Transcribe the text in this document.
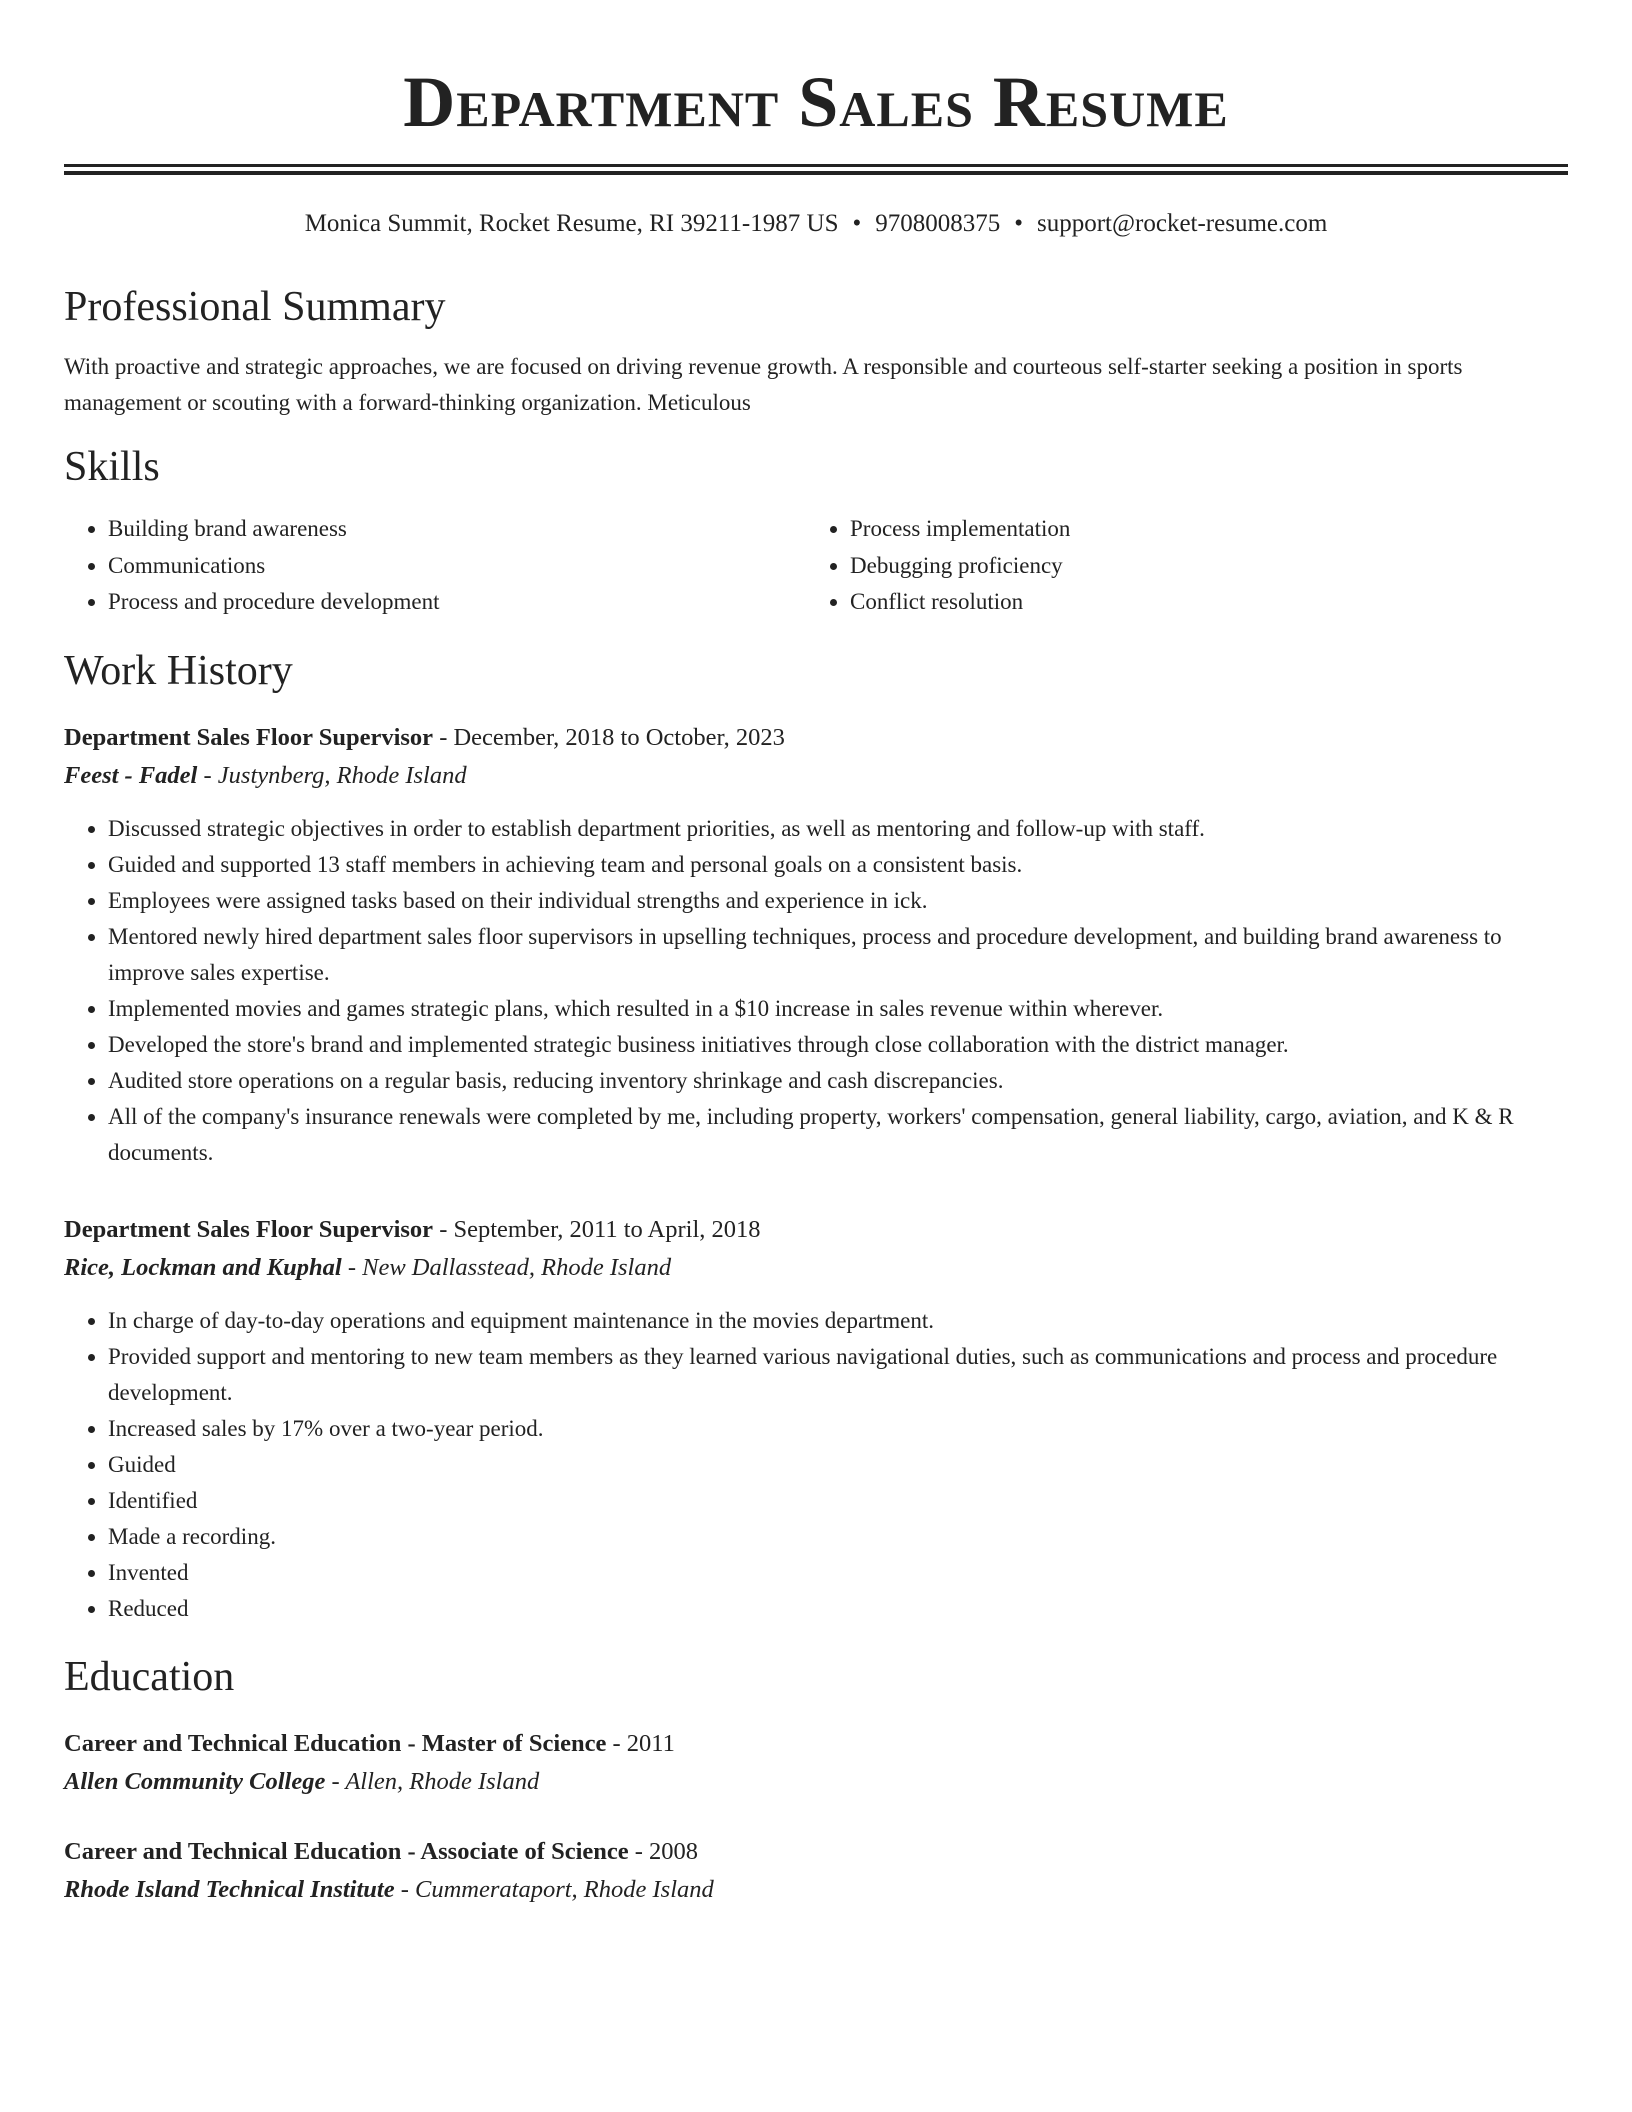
Department Sales Resume
Monica Summit, Rocket Resume, RI 39211-1987 US • 9708008375 • support@rocket-resume.com
Professional Summary
With proactive and strategic approaches, we are focused on driving revenue growth. A responsible and courteous self-starter seeking a position in sports management or scouting with a forward-thinking organization. Meticulous
Skills
• Building brand awareness
• Communications
• Process and procedure development
• Process implementation
• Debugging proficiency
• Conflict resolution
Work History
Department Sales Floor Supervisor - December, 2018 to October, 2023
Feest - Fadel - Justynberg, Rhode Island
• Discussed strategic objectives in order to establish department priorities, as well as mentoring and follow-up with staff.
• Guided and supported 13 staff members in achieving team and personal goals on a consistent basis.
• Employees were assigned tasks based on their individual strengths and experience in ick.
• Mentored newly hired department sales floor supervisors in upselling techniques, process and procedure development, and building brand awareness to improve sales expertise.
• Implemented movies and games strategic plans, which resulted in a $10 increase in sales revenue within wherever.
• Developed the store's brand and implemented strategic business initiatives through close collaboration with the district manager.
• Audited store operations on a regular basis, reducing inventory shrinkage and cash discrepancies.
• All of the company's insurance renewals were completed by me, including property, workers' compensation, general liability, cargo, aviation, and K & R documents.
Department Sales Floor Supervisor - September, 2011 to April, 2018
Rice, Lockman and Kuphal - New Dallasstead, Rhode Island
• In charge of day-to-day operations and equipment maintenance in the movies department.
• Provided support and mentoring to new team members as they learned various navigational duties, such as communications and process and procedure development.
• Increased sales by 17% over a two-year period.
• Guided
• Identified
• Made a recording.
• Invented
• Reduced
Education
Career and Technical Education - Master of Science - 2011
Allen Community College - Allen, Rhode Island
Career and Technical Education - Associate of Science - 2008
Rhode Island Technical Institute - Cummerataport, Rhode Island
